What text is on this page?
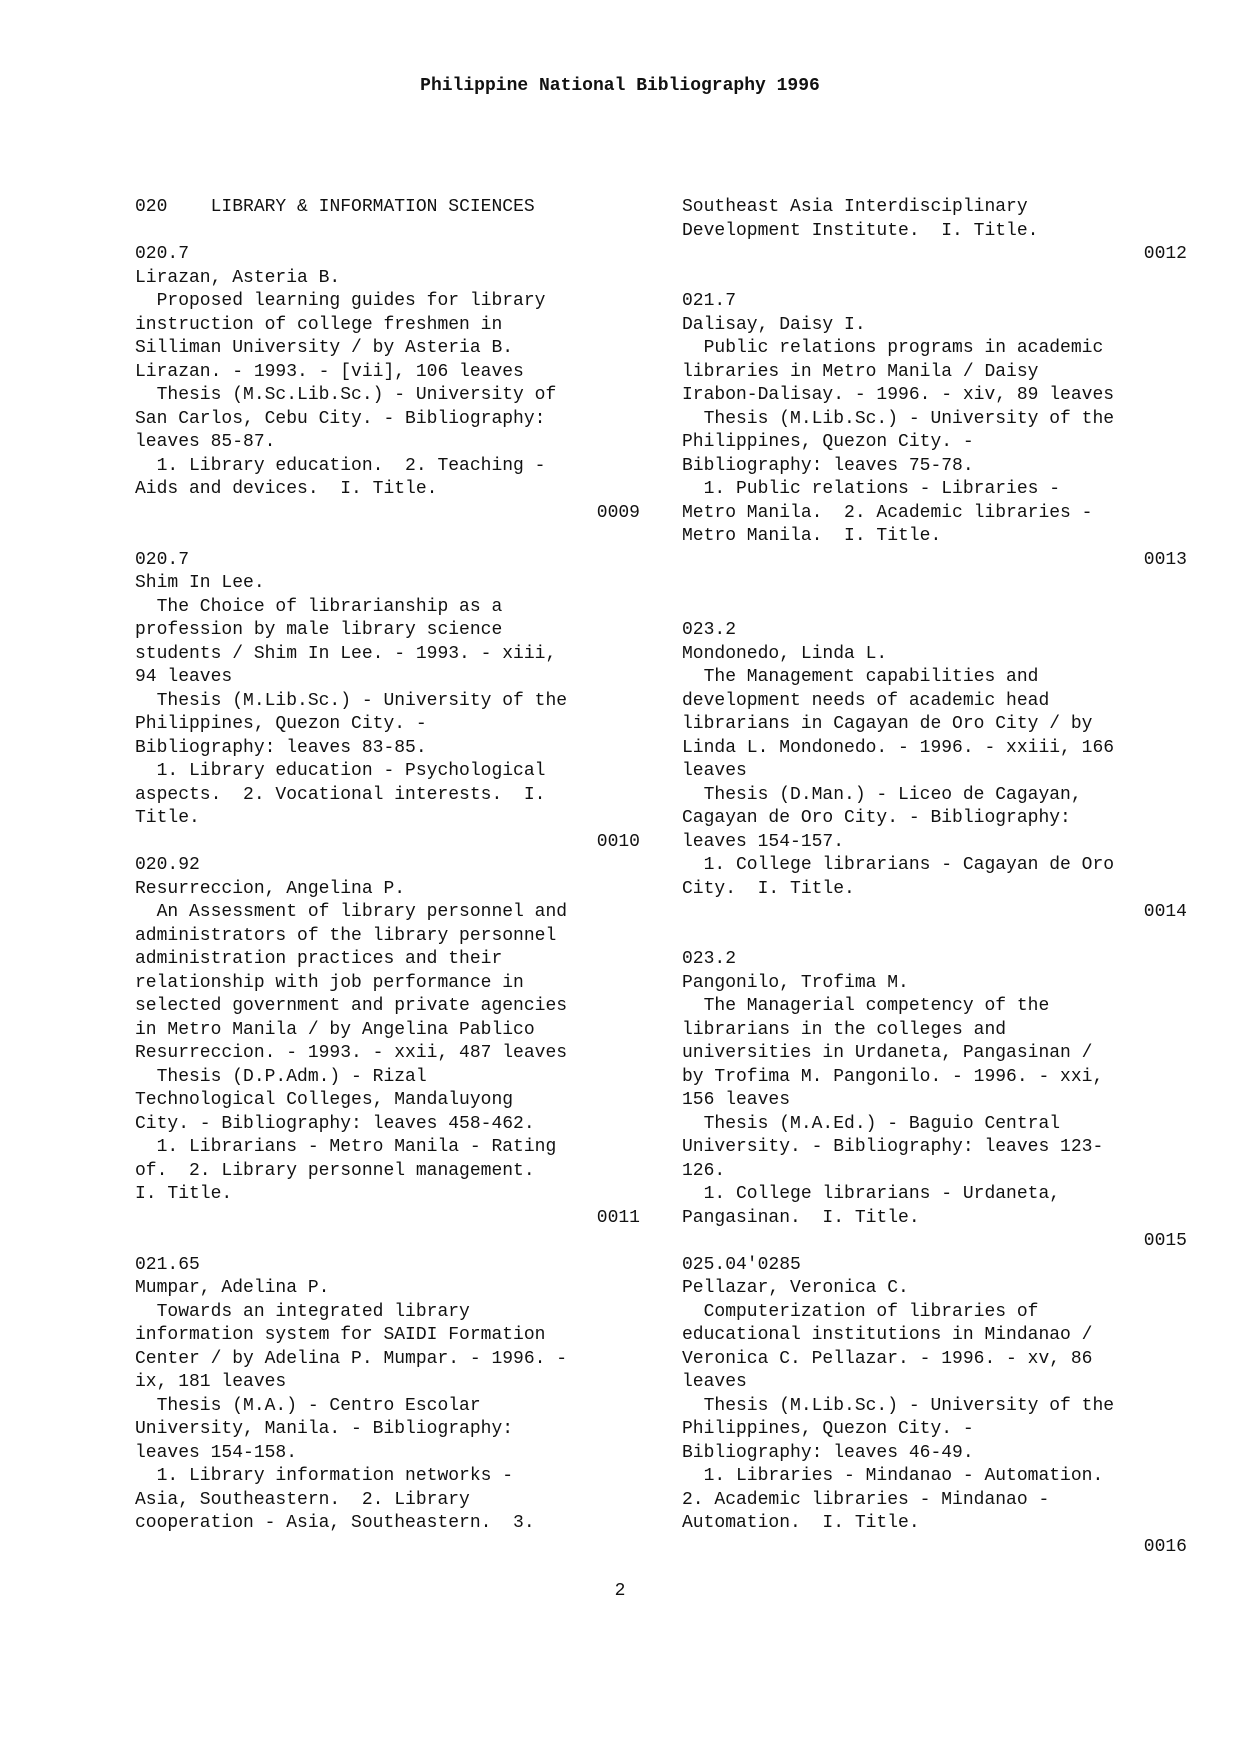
Philippine National Bibliography 1996
020 LIBRARY & INFORMATION SCIENCES
020.7
Lirazan, Asteria B.
Proposed learning guides for library
instruction of college freshmen in
Silliman University / by Asteria B.
Lirazan. - 1993. - [vii], 106 leaves
Thesis (M.Sc.Lib.Sc.) - University of
San Carlos, Cebu City. - Bibliography:
leaves 85-87.
1. Library education.  2. Teaching -
Aids and devices.  I. Title.
0009
020.7
Shim In Lee.
The Choice of librarianship as a
profession by male library science
students / Shim In Lee. - 1993. - xiii,
94 leaves
Thesis (M.Lib.Sc.) - University of the
Philippines, Quezon City. -
Bibliography: leaves 83-85.
1. Library education - Psychological
aspects.  2. Vocational interests.  I.
Title.
0010
020.92
Resurreccion, Angelina P.
An Assessment of library personnel and
administrators of the library personnel
administration practices and their
relationship with job performance in
selected government and private agencies
in Metro Manila / by Angelina Pablico
Resurreccion. - 1993. - xxii, 487 leaves
Thesis (D.P.Adm.) - Rizal
Technological Colleges, Mandaluyong
City. - Bibliography: leaves 458-462.
1. Librarians - Metro Manila - Rating
of.  2. Library personnel management.
I. Title.
0011
021.65
Mumpar, Adelina P.
Towards an integrated library
information system for SAIDI Formation
Center / by Adelina P. Mumpar. - 1996. -
ix, 181 leaves
Thesis (M.A.) - Centro Escolar
University, Manila. - Bibliography:
leaves 154-158.
1. Library information networks -
Asia, Southeastern.  2. Library
cooperation - Asia, Southeastern.  3.
Southeast Asia Interdisciplinary
Development Institute.  I. Title.
0012
021.7
Dalisay, Daisy I.
Public relations programs in academic
libraries in Metro Manila / Daisy
Irabon-Dalisay. - 1996. - xiv, 89 leaves
Thesis (M.Lib.Sc.) - University of the
Philippines, Quezon City. -
Bibliography: leaves 75-78.
1. Public relations - Libraries -
Metro Manila.  2. Academic libraries -
Metro Manila.  I. Title.
0013
023.2
Mondonedo, Linda L.
The Management capabilities and
development needs of academic head
librarians in Cagayan de Oro City / by
Linda L. Mondonedo. - 1996. - xxiii, 166
leaves
Thesis (D.Man.) - Liceo de Cagayan,
Cagayan de Oro City. - Bibliography:
leaves 154-157.
1. College librarians - Cagayan de Oro
City.  I. Title.
0014
023.2
Pangonilo, Trofima M.
The Managerial competency of the
librarians in the colleges and
universities in Urdaneta, Pangasinan /
by Trofima M. Pangonilo. - 1996. - xxi,
156 leaves
Thesis (M.A.Ed.) - Baguio Central
University. - Bibliography: leaves 123-
126.
1. College librarians - Urdaneta,
Pangasinan.  I. Title.
0015
025.04'0285
Pellazar, Veronica C.
Computerization of libraries of
educational institutions in Mindanao /
Veronica C. Pellazar. - 1996. - xv, 86
leaves
Thesis (M.Lib.Sc.) - University of the
Philippines, Quezon City. -
Bibliography: leaves 46-49.
1. Libraries - Mindanao - Automation.
2. Academic libraries - Mindanao -
Automation.  I. Title.
0016
2
